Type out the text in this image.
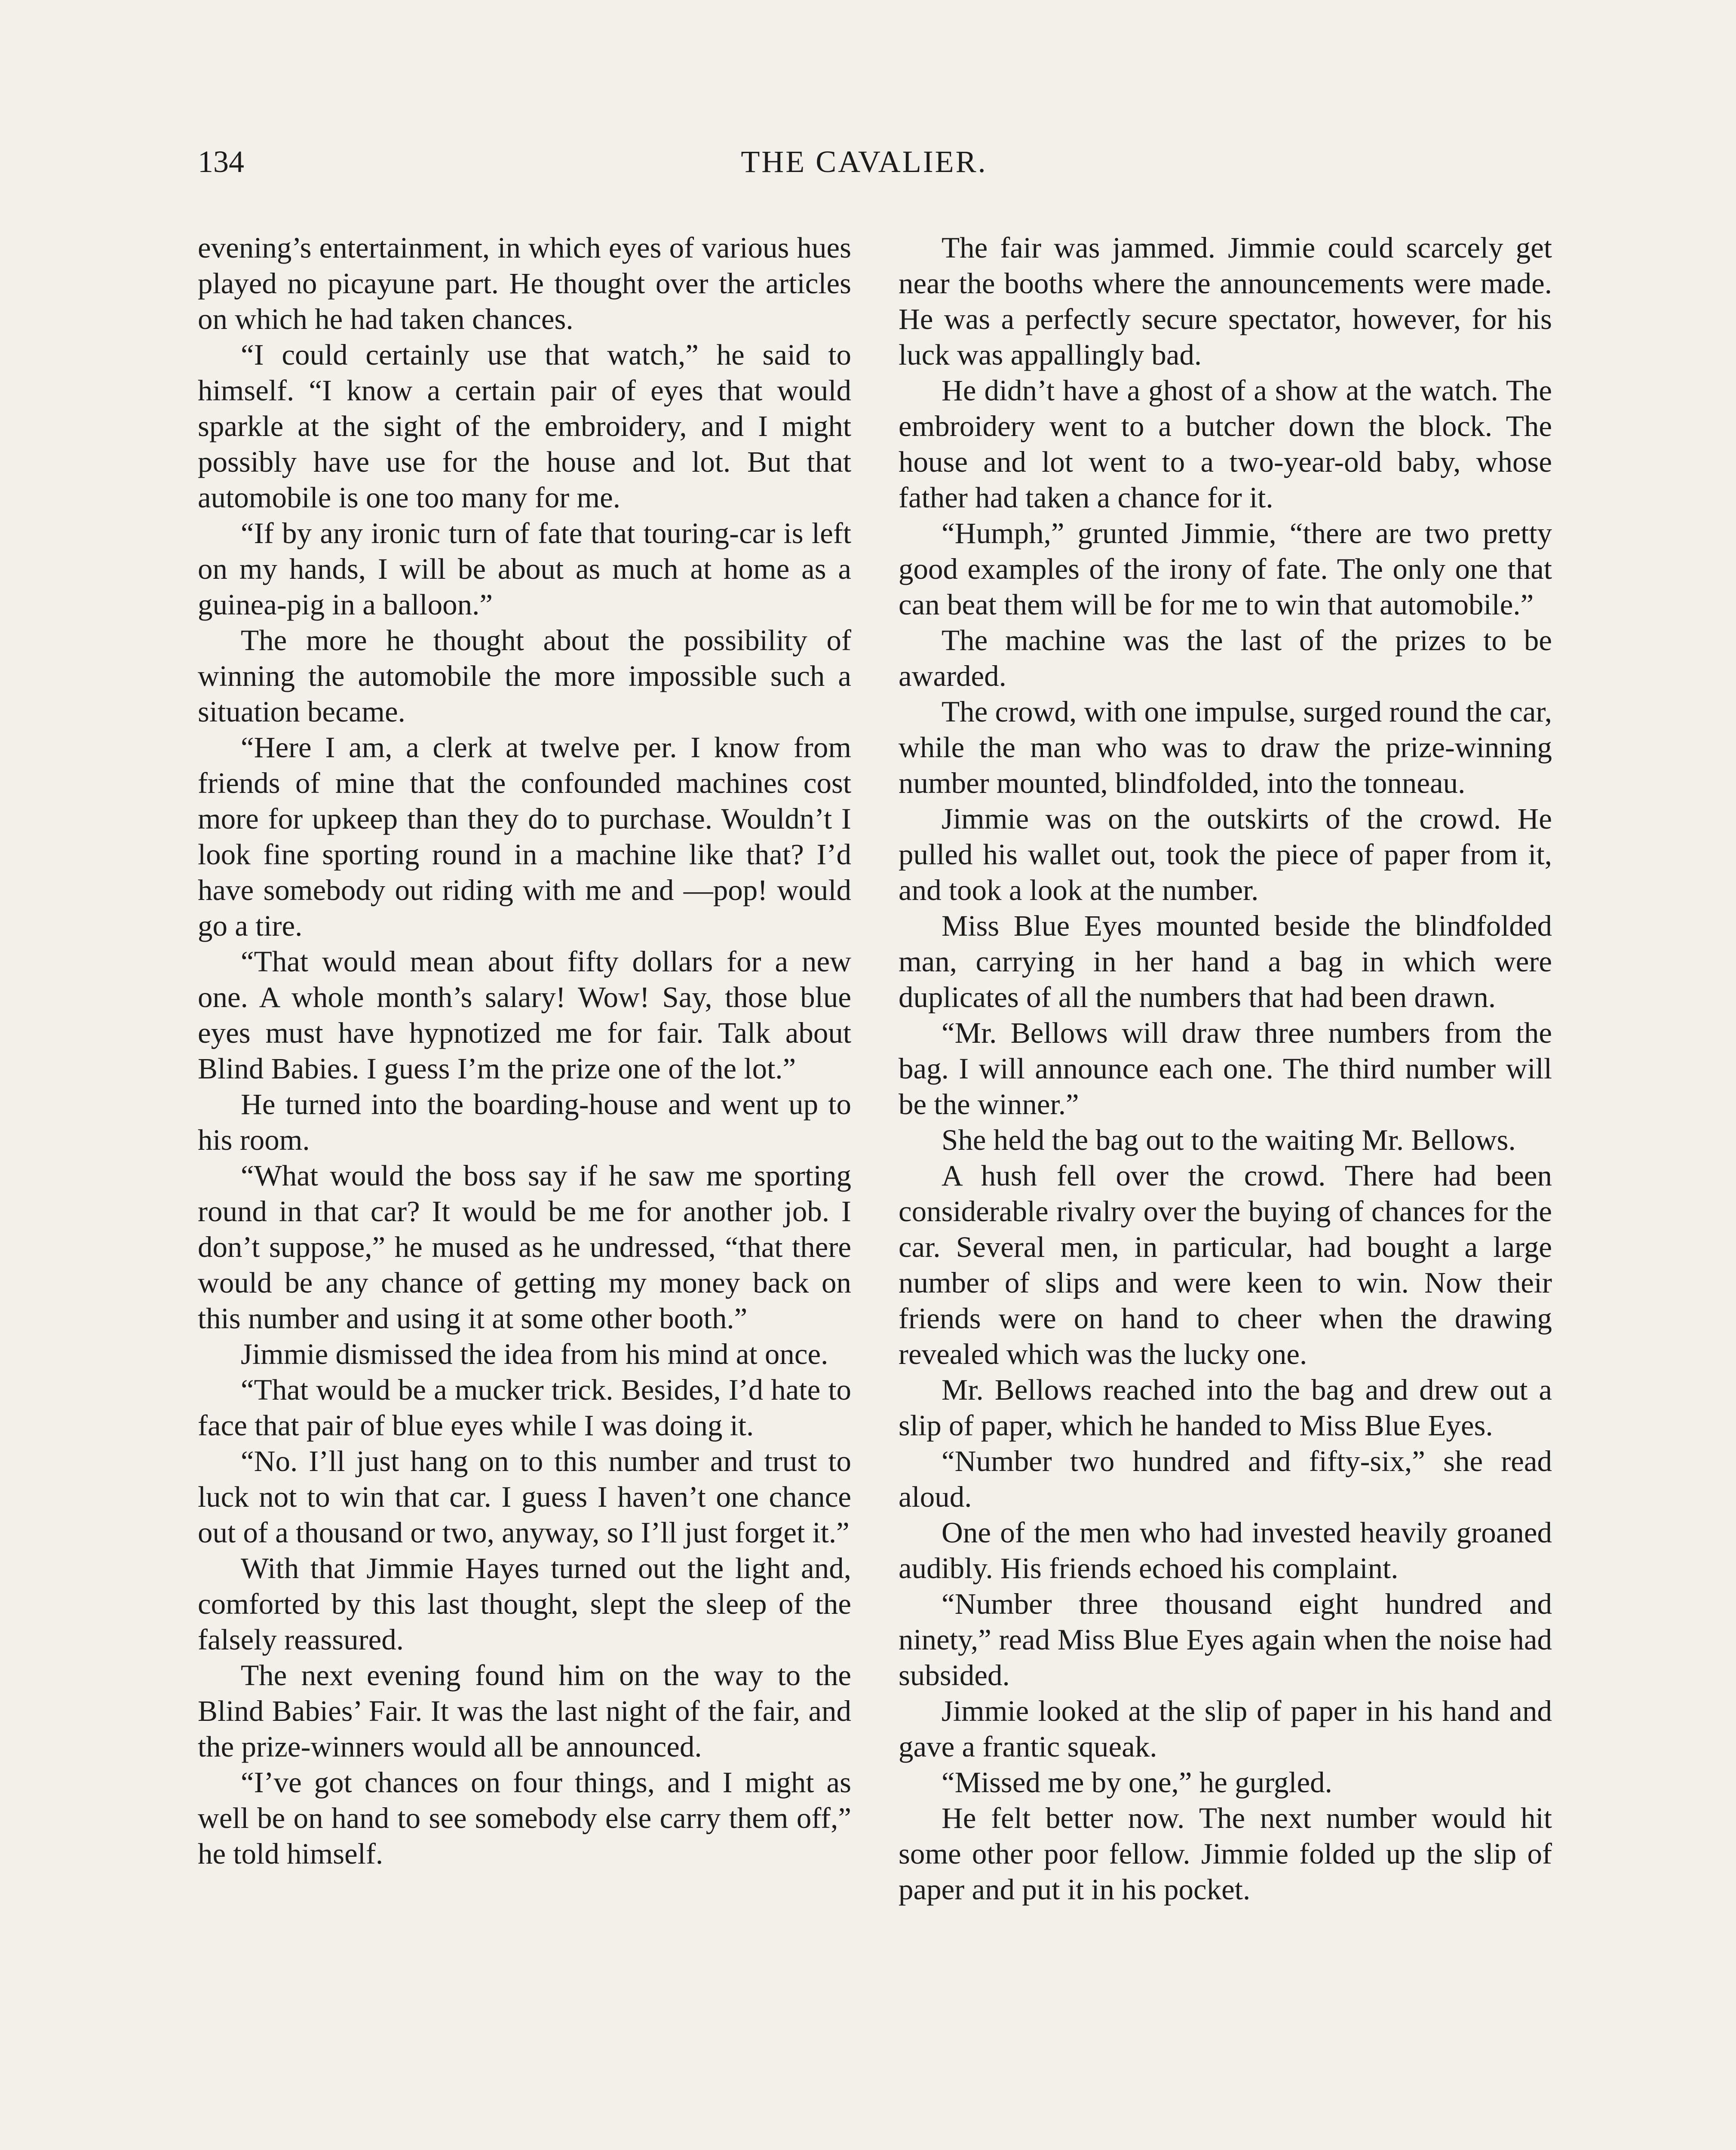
134	THE CAVALIER.

evening’s entertainment, in which eyes of various hues played no picayune part. He thought over the articles on which he had taken chances.

“I could certainly use that watch,” he said to himself. “I know a certain pair of eyes that would sparkle at the sight of the embroidery, and I might possibly have use for the house and lot. But that automobile is one too many for me.

“If by any ironic turn of fate that touring-car is left on my hands, I will be about as much at home as a guinea-pig in a balloon.”

The more he thought about the possibility of winning the automobile the more impossible such a situation became.

“Here I am, a clerk at twelve per. I know from friends of mine that the confounded machines cost more for upkeep than they do to purchase. Wouldn’t I look fine sporting round in a machine like that? I’d have somebody out riding with me and —pop! would go a tire.

“That would mean about fifty dollars for a new one. A whole month’s salary! Wow! Say, those blue eyes must have hypnotized me for fair. Talk about Blind Babies. I guess I’m the prize one of the lot.”

He turned into the boarding-house and went up to his room.

“What would the boss say if he saw me sporting round in that car? It would be me for another job. I don’t suppose,” he mused as he undressed, “that there would be any chance of getting my money back on this number and using it at some other booth.”

Jimmie dismissed the idea from his mind at once.

“That would be a mucker trick. Besides, I’d hate to face that pair of blue eyes while I was doing it.

“No. I’ll just hang on to this number and trust to luck not to win that car. I guess I haven’t one chance out of a thousand or two, anyway, so I’ll just forget it.”

With that Jimmie Hayes turned out the light and, comforted by this last thought, slept the sleep of the falsely reassured.

The next evening found him on the way to the Blind Babies’ Fair. It was the last night of the fair, and the prize-winners would all be announced.

“I’ve got chances on four things, and I might as well be on hand to see somebody else carry them off,” he told himself.

The fair was jammed. Jimmie could scarcely get near the booths where the announcements were made. He was a perfectly secure spectator, however, for his luck was appallingly bad.

He didn’t have a ghost of a show at the watch. The embroidery went to a butcher down the block. The house and lot went to a two-year-old baby, whose father had taken a chance for it.

“Humph,” grunted Jimmie, “there are two pretty good examples of the irony of fate. The only one that can beat them will be for me to win that automobile.”

The machine was the last of the prizes to be awarded.

The crowd, with one impulse, surged round the car, while the man who was to draw the prize-winning number mounted, blindfolded, into the tonneau.

Jimmie was on the outskirts of the crowd. He pulled his wallet out, took the piece of paper from it, and took a look at the number.

Miss Blue Eyes mounted beside the blindfolded man, carrying in her hand a bag in which were duplicates of all the numbers that had been drawn.

“Mr. Bellows will draw three numbers from the bag. I will announce each one. The third number will be the winner.”

She held the bag out to the waiting Mr. Bellows.

A hush fell over the crowd. There had been considerable rivalry over the buying of chances for the car. Several men, in particular, had bought a large number of slips and were keen to win. Now their friends were on hand to cheer when the drawing revealed which was the lucky one.

Mr. Bellows reached into the bag and drew out a slip of paper, which he handed to Miss Blue Eyes.

“Number two hundred and fifty-six,” she read aloud.

One of the men who had invested heavily groaned audibly. His friends echoed his complaint.

“Number three thousand eight hundred and ninety,” read Miss Blue Eyes again when the noise had subsided.

Jimmie looked at the slip of paper in his hand and gave a frantic squeak.

“Missed me by one,” he gurgled.

He felt better now. The next number would hit some other poor fellow. Jimmie folded up the slip of paper and put it in his pocket.
